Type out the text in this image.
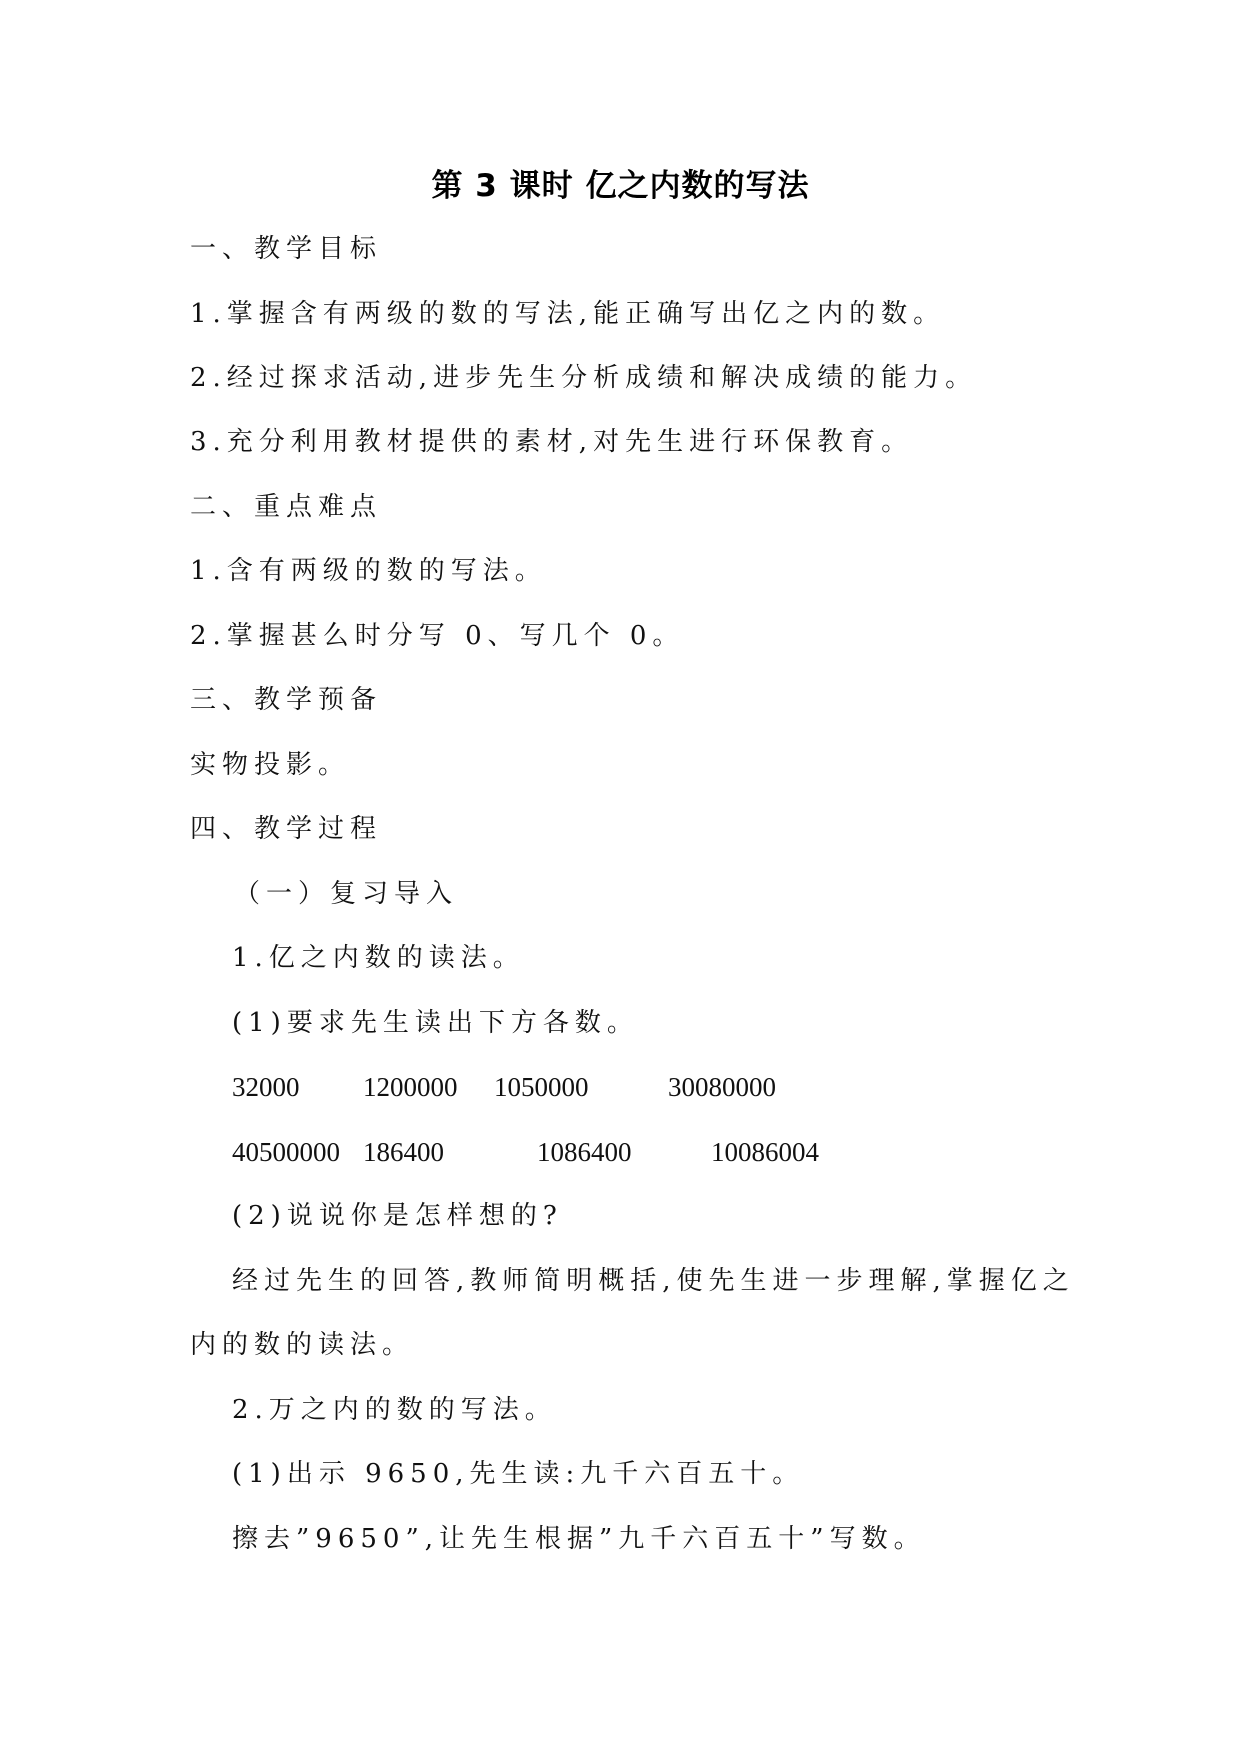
第 3 课时 亿之内数的写法
一、教学目标
1.掌握含有两级的数的写法,能正确写出亿之内的数。
2.经过探求活动,进步先生分析成绩和解决成绩的能力。
3.充分利用教材提供的素材,对先生进行环保教育。
二、重点难点
1.含有两级的数的写法。
2.掌握甚么时分写 0、写几个 0。
三、教学预备
实物投影。
四、教学过程
（一）复习导入
1.亿之内数的读法。
(1)要求先生读出下方各数。
32000 1200000 1050000	30080000
40500000 186400	1086400	10086004
(2)说说你是怎样想的?
经过先生的回答,教师简明概括,使先生进一步理解,掌握亿之
内的数的读法。
2.万之内的数的写法。
(1)出示 9650,先生读:九千六百五十。
擦去”9650”,让先生根据”九千六百五十”写数。
